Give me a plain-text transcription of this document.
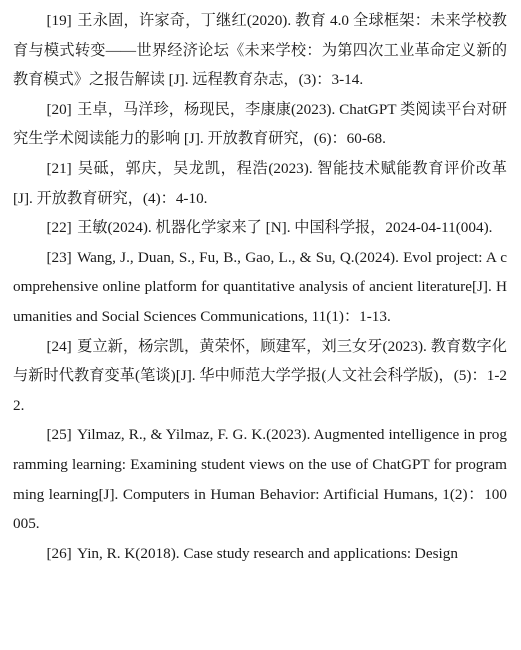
[19] 王永固，许家奇，丁继红(2020). 教育 4.0 全球框架：未来学校教育与模式转变——世界经济论坛《未来学校：为第四次工业革命定义新的教育模式》之报告解读 [J]. 远程教育杂志，(3)：3-14.

[20] 王卓，马洋珍，杨现民，李康康(2023). ChatGPT 类阅读平台对研究生学术阅读能力的影响 [J]. 开放教育研究，(6)：60-68.

[21] 吴砥，郭庆，吴龙凯，程浩(2023). 智能技术赋能教育评价改革 [J]. 开放教育研究，(4)：4-10.

[22] 王敏(2024). 机器化学家来了 [N]. 中国科学报，2024-04-11(004).

[23] Wang, J., Duan, S., Fu, B., Gao, L., & Su, Q.(2024). Evol project: A comprehensive online platform for quantitative analysis of ancient literature[J]. Humanities and Social Sciences Communications, 11(1)：1-13.

[24] 夏立新，杨宗凯，黄荣怀，顾建军，刘三女牙(2023). 教育数字化与新时代教育变革(笔谈)[J]. 华中师范大学学报(人文社会科学版)，(5)：1-22.

[25] Yilmaz, R., & Yilmaz, F. G. K.(2023). Augmented intelligence in programming learning: Examining student views on the use of ChatGPT for programming learning[J]. Computers in Human Behavior: Artificial Humans, 1(2)：100005.

[26] Yin, R. K(2018). Case study research and applications: Design
